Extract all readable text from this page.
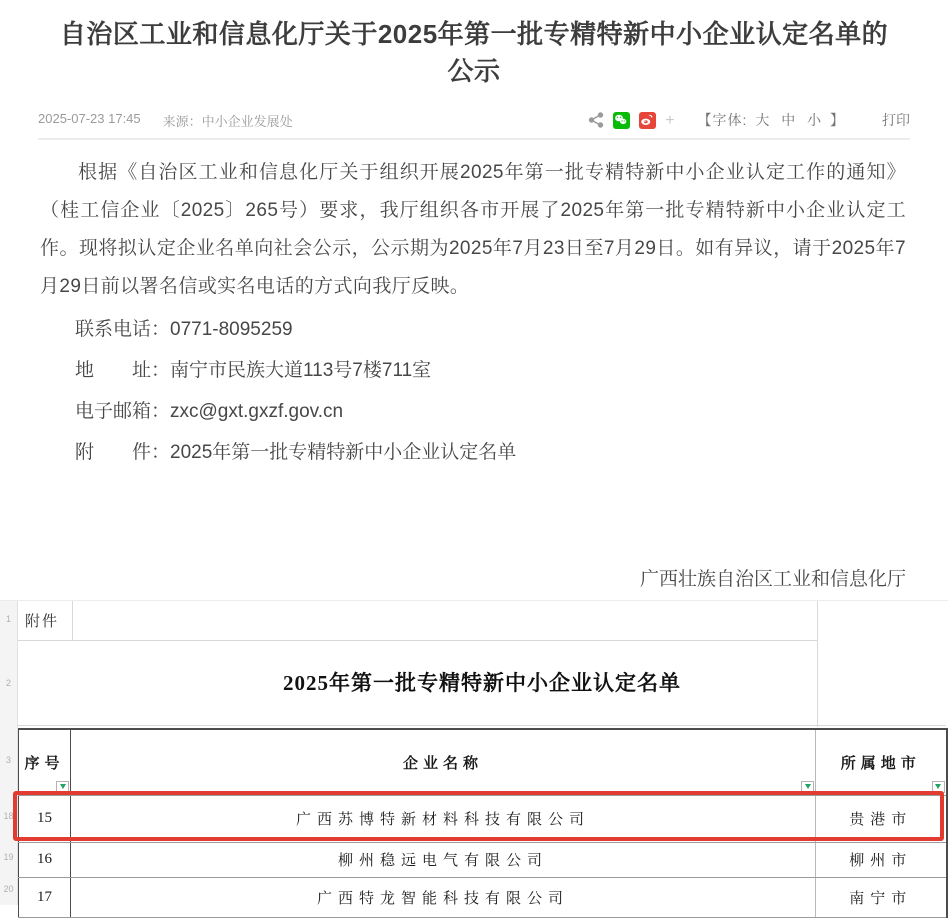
自治区工业和信息化厅关于2025年第一批专精特新中小企业认定名单的公示
2025-07-23 17:45 来源：中小企业发展处	+ 【字体: 大 中 小 】	打印

根据《自治区工业和信息化厅关于组织开展2025年第一批专精特新中小企业认定工作的通知》（桂工信企业〔2025〕265号）要求，我厅组织各市开展了2025年第一批专精特新中小企业认定工作。现将拟认定企业名单向社会公示，公示期为2025年7月23日至7月29日。如有异议，请于2025年7月29日前以署名信或实名电话的方式向我厅反映。

联系电话：0771-8095259
地　　址：南宁市民族大道113号7楼711室
电子邮箱：zxc@gxt.gxzf.gov.cn
附　　件：2025年第一批专精特新中小企业认定名单
广西壮族自治区工业和信息化厅
1
2
3
18
19
20
附件
2025年第一批专精特新中小企业认定名单
序号	企业名称	所属地市

15	广西苏博特新材料科技有限公司	贵港市
16	柳州稳远电气有限公司	柳州市
17	广西特龙智能科技有限公司	南宁市
